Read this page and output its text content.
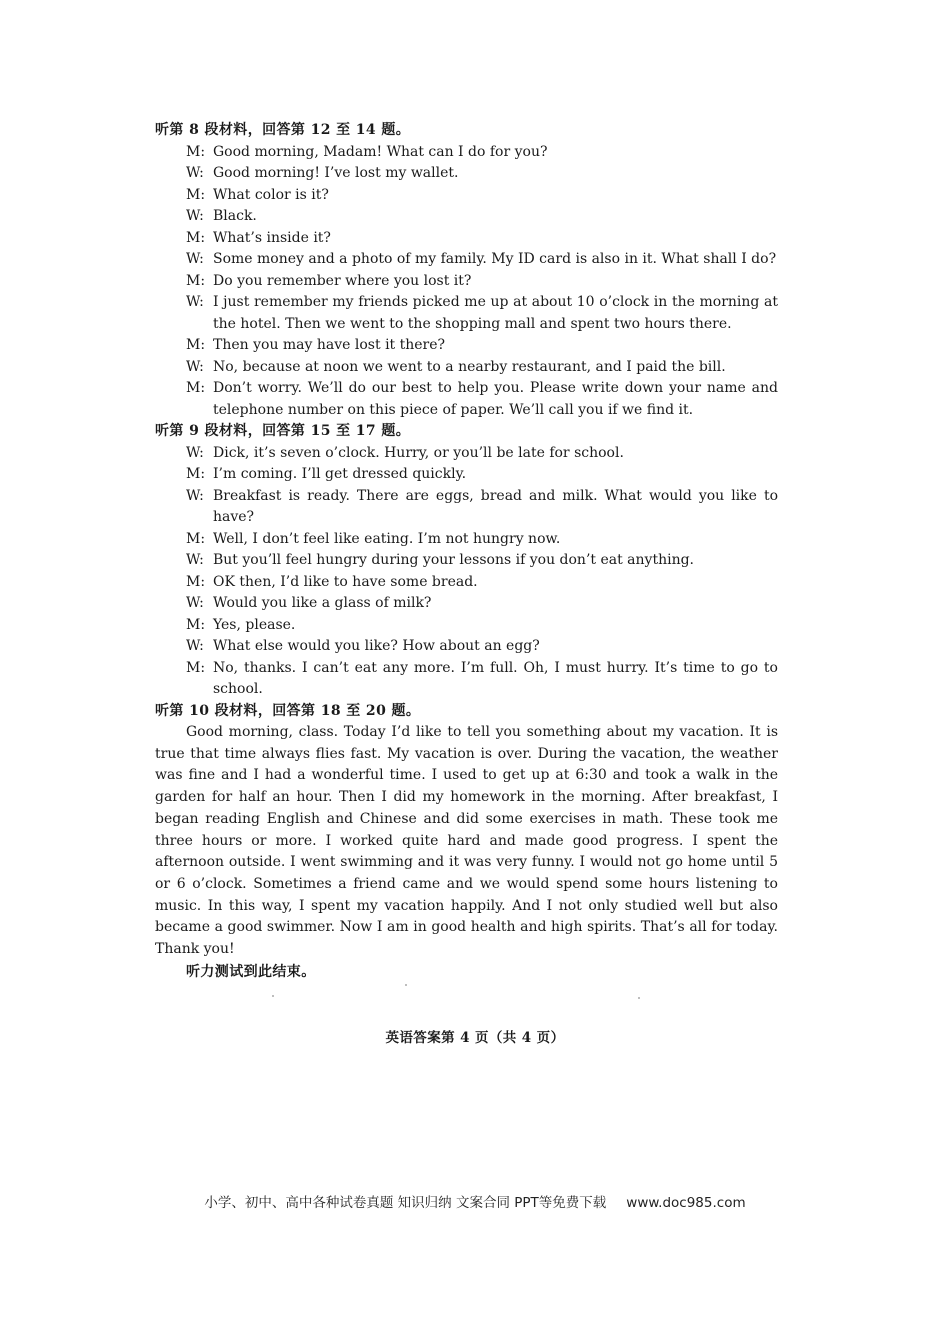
听第 8 段材料，回答第 12 至 14 题。
M: Good morning, Madam! What can I do for you?
W: Good morning! I’ve lost my wallet.
M: What color is it?
W: Black.
M: What’s inside it?
W: Some money and a photo of my family. My ID card is also in it. What shall I do?
M: Do you remember where you lost it?
W: I just remember my friends picked me up at about 10 o’clock in the morning at the hotel. Then we went to the shopping mall and spent two hours there.
M: Then you may have lost it there?
W: No, because at noon we went to a nearby restaurant, and I paid the bill.
M: Don’t worry. We’ll do our best to help you. Please write down your name and telephone number on this piece of paper. We’ll call you if we find it.
听第 9 段材料，回答第 15 至 17 题。
W: Dick, it’s seven o’clock. Hurry, or you’ll be late for school.
M: I’m coming. I’ll get dressed quickly.
W: Breakfast is ready. There are eggs, bread and milk. What would you like to have?
M: Well, I don’t feel like eating. I’m not hungry now.
W: But you’ll feel hungry during your lessons if you don’t eat anything.
M: OK then, I’d like to have some bread.
W: Would you like a glass of milk?
M: Yes, please.
W: What else would you like? How about an egg?
M: No, thanks. I can’t eat any more. I’m full. Oh, I must hurry. It’s time to go to school.
听第 10 段材料，回答第 18 至 20 题。

Good morning, class. Today I’d like to tell you something about my vacation. It is true that time always flies fast. My vacation is over. During the vacation, the weather was fine and I had a wonderful time. I used to get up at 6:30 and took a walk in the garden for half an hour. Then I did my homework in the morning. After breakfast, I began reading English and Chinese and did some exercises in math. These took me three hours or more. I worked quite hard and made good progress. I spent the afternoon outside. I went swimming and it was very funny. I would not go home until 5 or 6 o’clock. Sometimes a friend came and we would spend some hours listening to music. In this way, I spent my vacation happily. And I not only studied well but also became a good swimmer. Now I am in good health and high spirits. That’s all for today. Thank you!

听力测试到此结束。
英语答案第 4 页（共 4 页）
小学、初中、高中各种试卷真题 知识归纳 文案合同 PPT等免费下载 www.doc985.com
